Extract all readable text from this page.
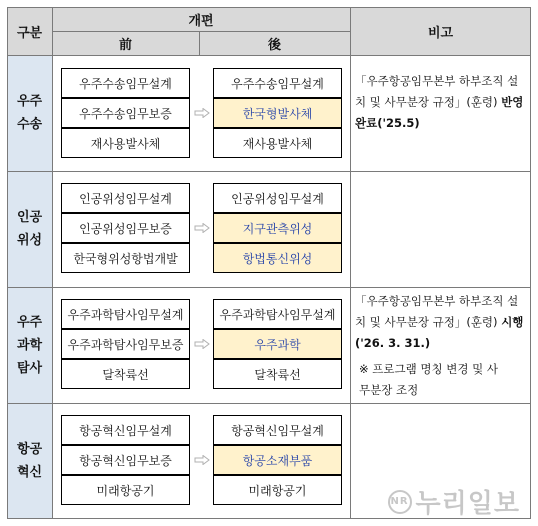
구분
개편
前	後
비고
우주
수송
인공
위성
우주
과학
탐사
항공
혁신
우주수송임무설계
우주수송임무보증
재사용발사체
우주수송임무설계
한국형발사체
재사용발사체
인공위성임무설계
인공위성임무보증
한국형위성항법개발
인공위성임무설계
지구관측위성
항법통신위성
우주과학탐사임무설계
우주과학탐사임무보증
달착륙선
우주과학탐사임무설계
우주과학
달착륙선
항공혁신임무설계
항공혁신임무보증
미래항공기
항공혁신임무설계
항공소재부품
미래항공기
「우주항공임무본부 하부조직 설치 및 사무분장 규정」(훈령) 반영완료('25.5)
「우주항공임무본부 하부조직 설치 및 사무분장 규정」(훈령) 시행('26. 3. 31.)
※ 프로그램 명칭 변경 및 사무분장 조정
NR 누리일보
